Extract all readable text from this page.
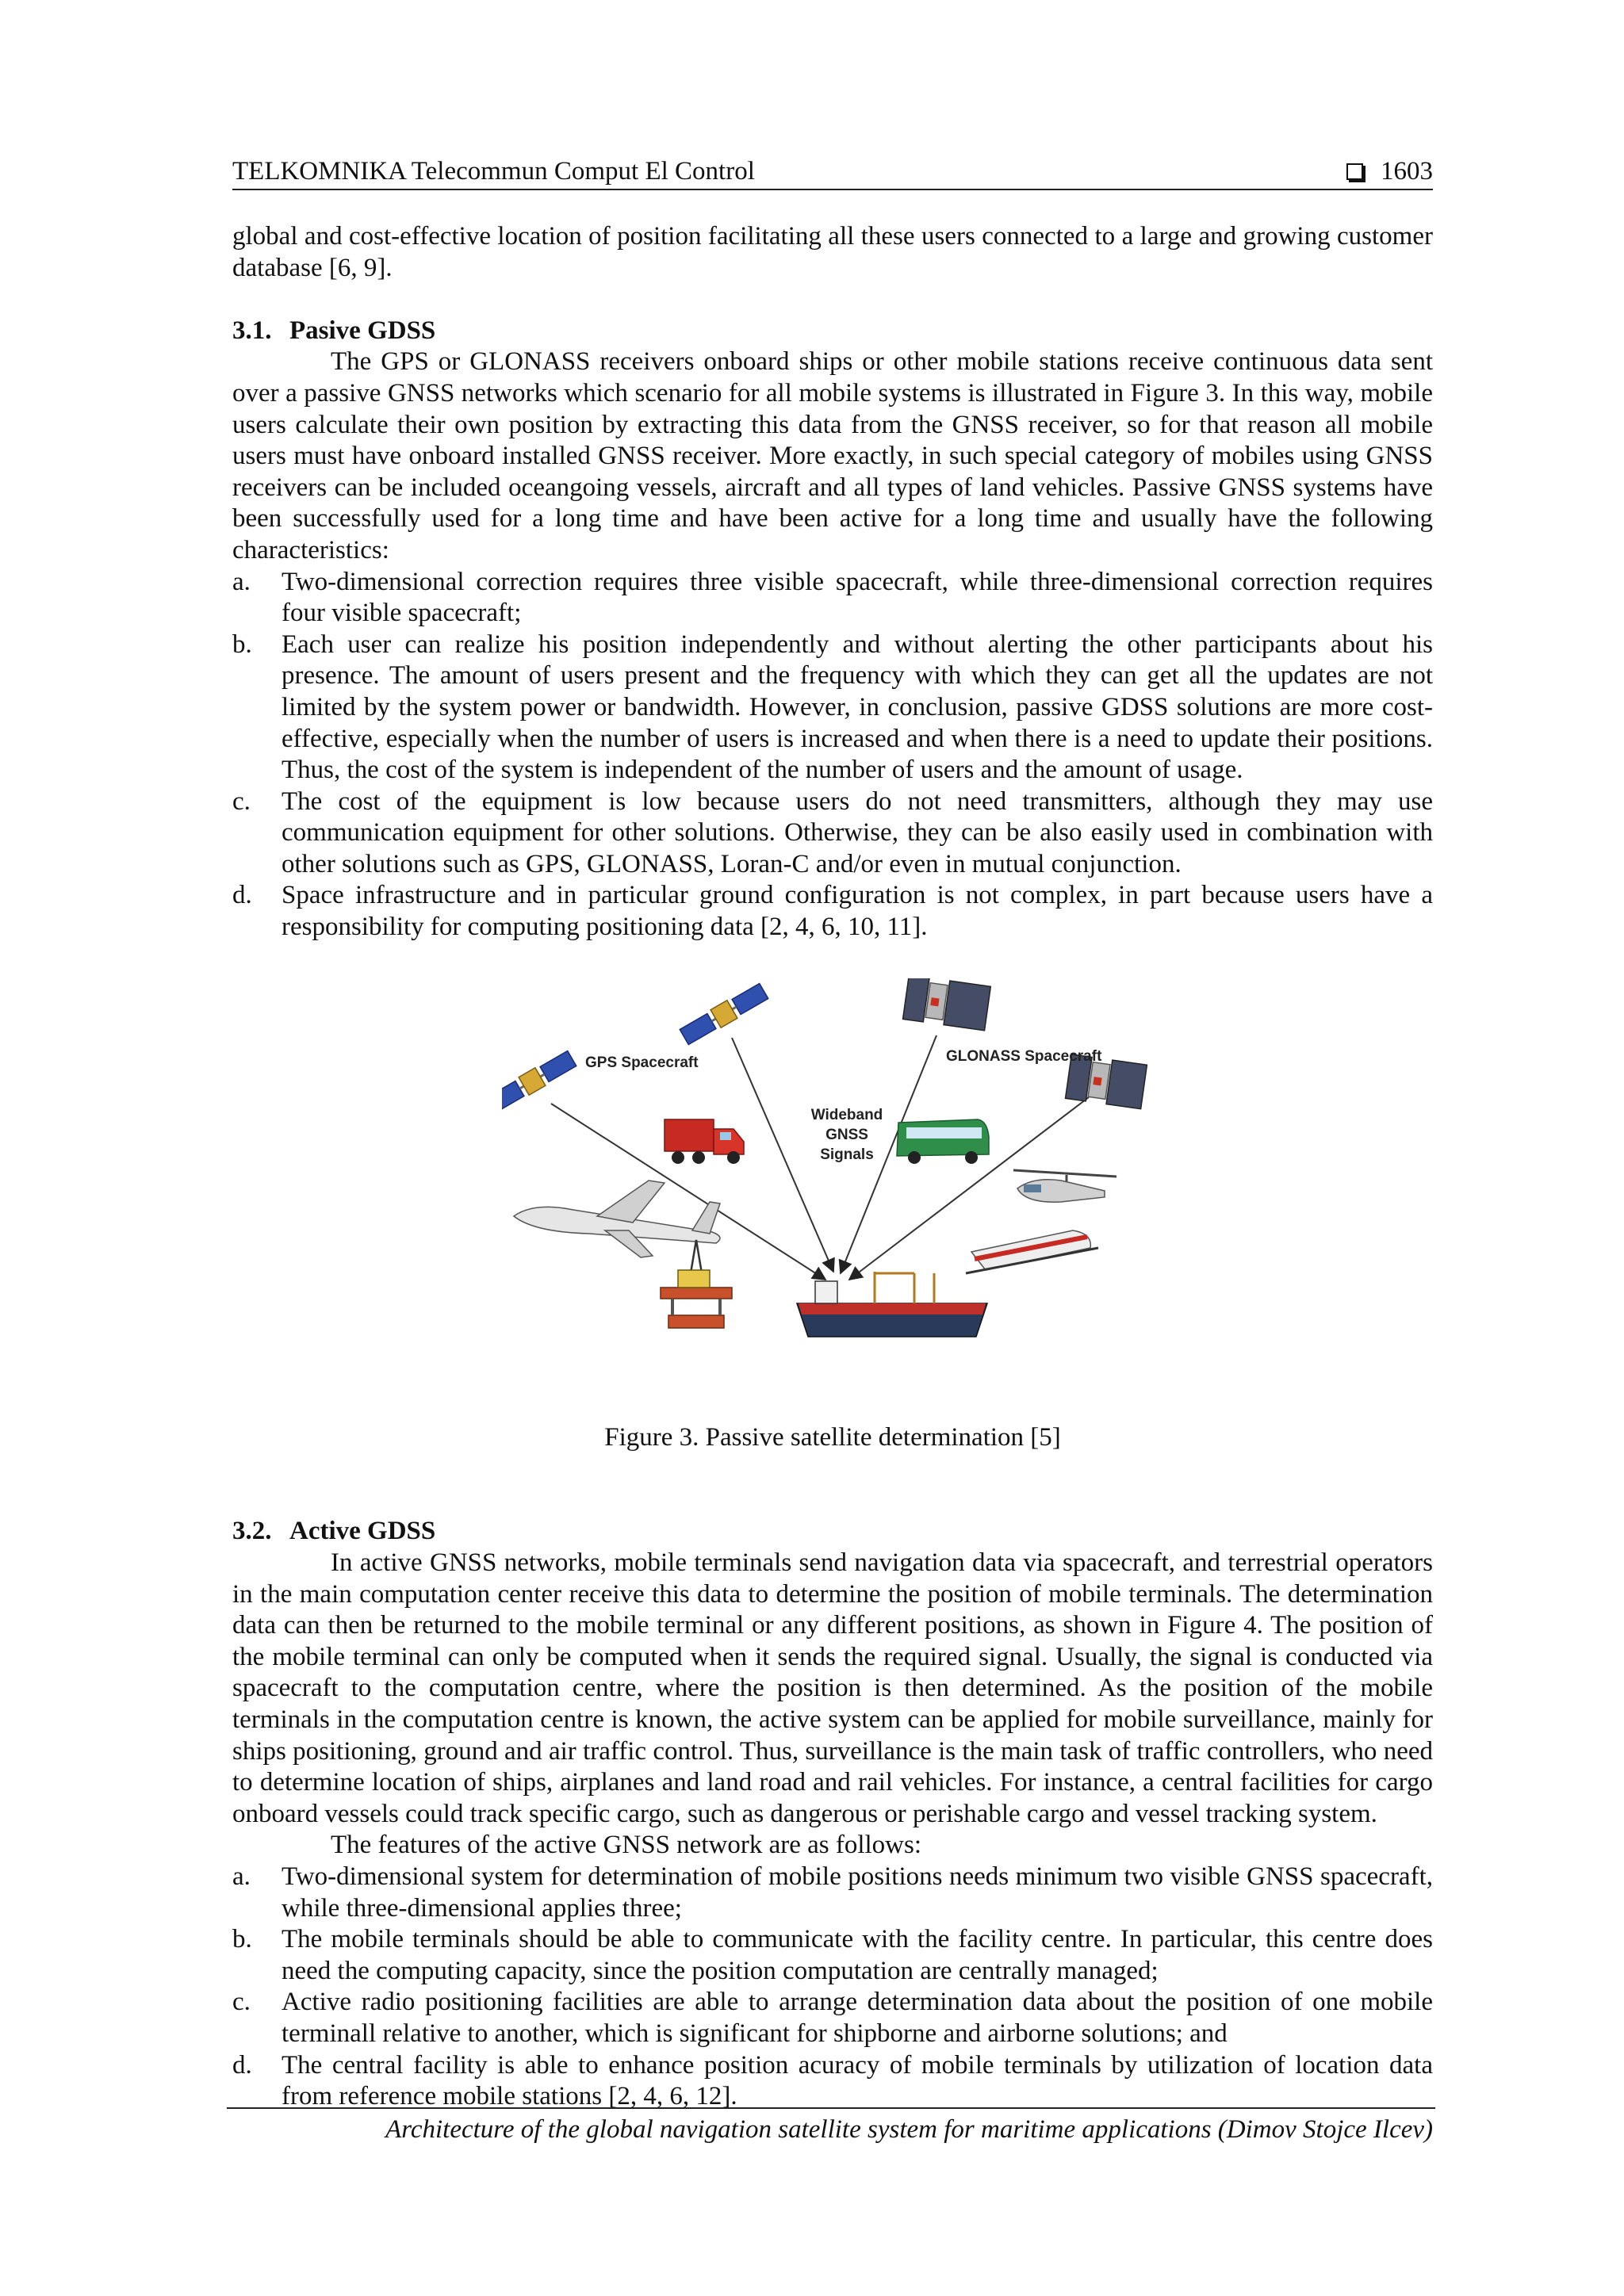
TELKOMNIKA Telecommun Comput El Control	1603

global and cost-effective location of position facilitating all these users connected to a large and growing customer database [6, 9].

3.1. Pasive GDSS

The GPS or GLONASS receivers onboard ships or other mobile stations receive continuous data sent over a passive GNSS networks which scenario for all mobile systems is illustrated in Figure 3. In this way, mobile users calculate their own position by extracting this data from the GNSS receiver, so for that reason all mobile users must have onboard installed GNSS receiver. More exactly, in such special category of mobiles using GNSS receivers can be included oceangoing vessels, aircraft and all types of land vehicles. Passive GNSS systems have been successfully used for a long time and have been active for a long time and usually have the following characteristics:

a.	Two-dimensional correction requires three visible spacecraft, while three-dimensional correction requires four visible spacecraft;
b.	Each user can realize his position independently and without alerting the other participants about his presence. The amount of users present and the frequency with which they can get all the updates are not limited by the system power or bandwidth. However, in conclusion, passive GDSS solutions are more cost-effective, especially when the number of users is increased and when there is a need to update their positions. Thus, the cost of the system is independent of the number of users and the amount of usage.
c.	The cost of the equipment is low because users do not need transmitters, although they may use communication equipment for other solutions. Otherwise, they can be also easily used in combination with other solutions such as GPS, GLONASS, Loran-C and/or even in mutual conjunction.
d.	Space infrastructure and in particular ground configuration is not complex, in part because users have a responsibility for computing positioning data [2, 4, 6, 10, 11].
GPS Spacecraft	GLONASS Spacecraft
Wideband
GNSS
Signals

Figure 3. Passive satellite determination [5]

3.2. Active GDSS

In active GNSS networks, mobile terminals send navigation data via spacecraft, and terrestrial operators in the main computation center receive this data to determine the position of mobile terminals. The determination data can then be returned to the mobile terminal or any different positions, as shown in Figure 4. The position of the mobile terminal can only be computed when it sends the required signal. Usually, the signal is conducted via spacecraft to the computation centre, where the position is then determined. As the position of the mobile terminals in the computation centre is known, the active system can be applied for mobile surveillance, mainly for ships positioning, ground and air traffic control. Thus, surveillance is the main task of traffic controllers, who need to determine location of ships, airplanes and land road and rail vehicles. For instance, a central facilities for cargo onboard vessels could track specific cargo, such as dangerous or perishable cargo and vessel tracking system.

The features of the active GNSS network are as follows:

a.	Two-dimensional system for determination of mobile positions needs minimum two visible GNSS spacecraft, while three-dimensional applies three;
b.	The mobile terminals should be able to communicate with the facility centre. In particular, this centre does need the computing capacity, since the position computation are centrally managed;
c.	Active radio positioning facilities are able to arrange determination data about the position of one mobile terminall relative to another, which is significant for shipborne and airborne solutions; and
d.	The central facility is able to enhance position acuracy of mobile terminals by utilization of location data from reference mobile stations [2, 4, 6, 12].
Architecture of the global navigation satellite system for maritime applications (Dimov Stojce Ilcev)
